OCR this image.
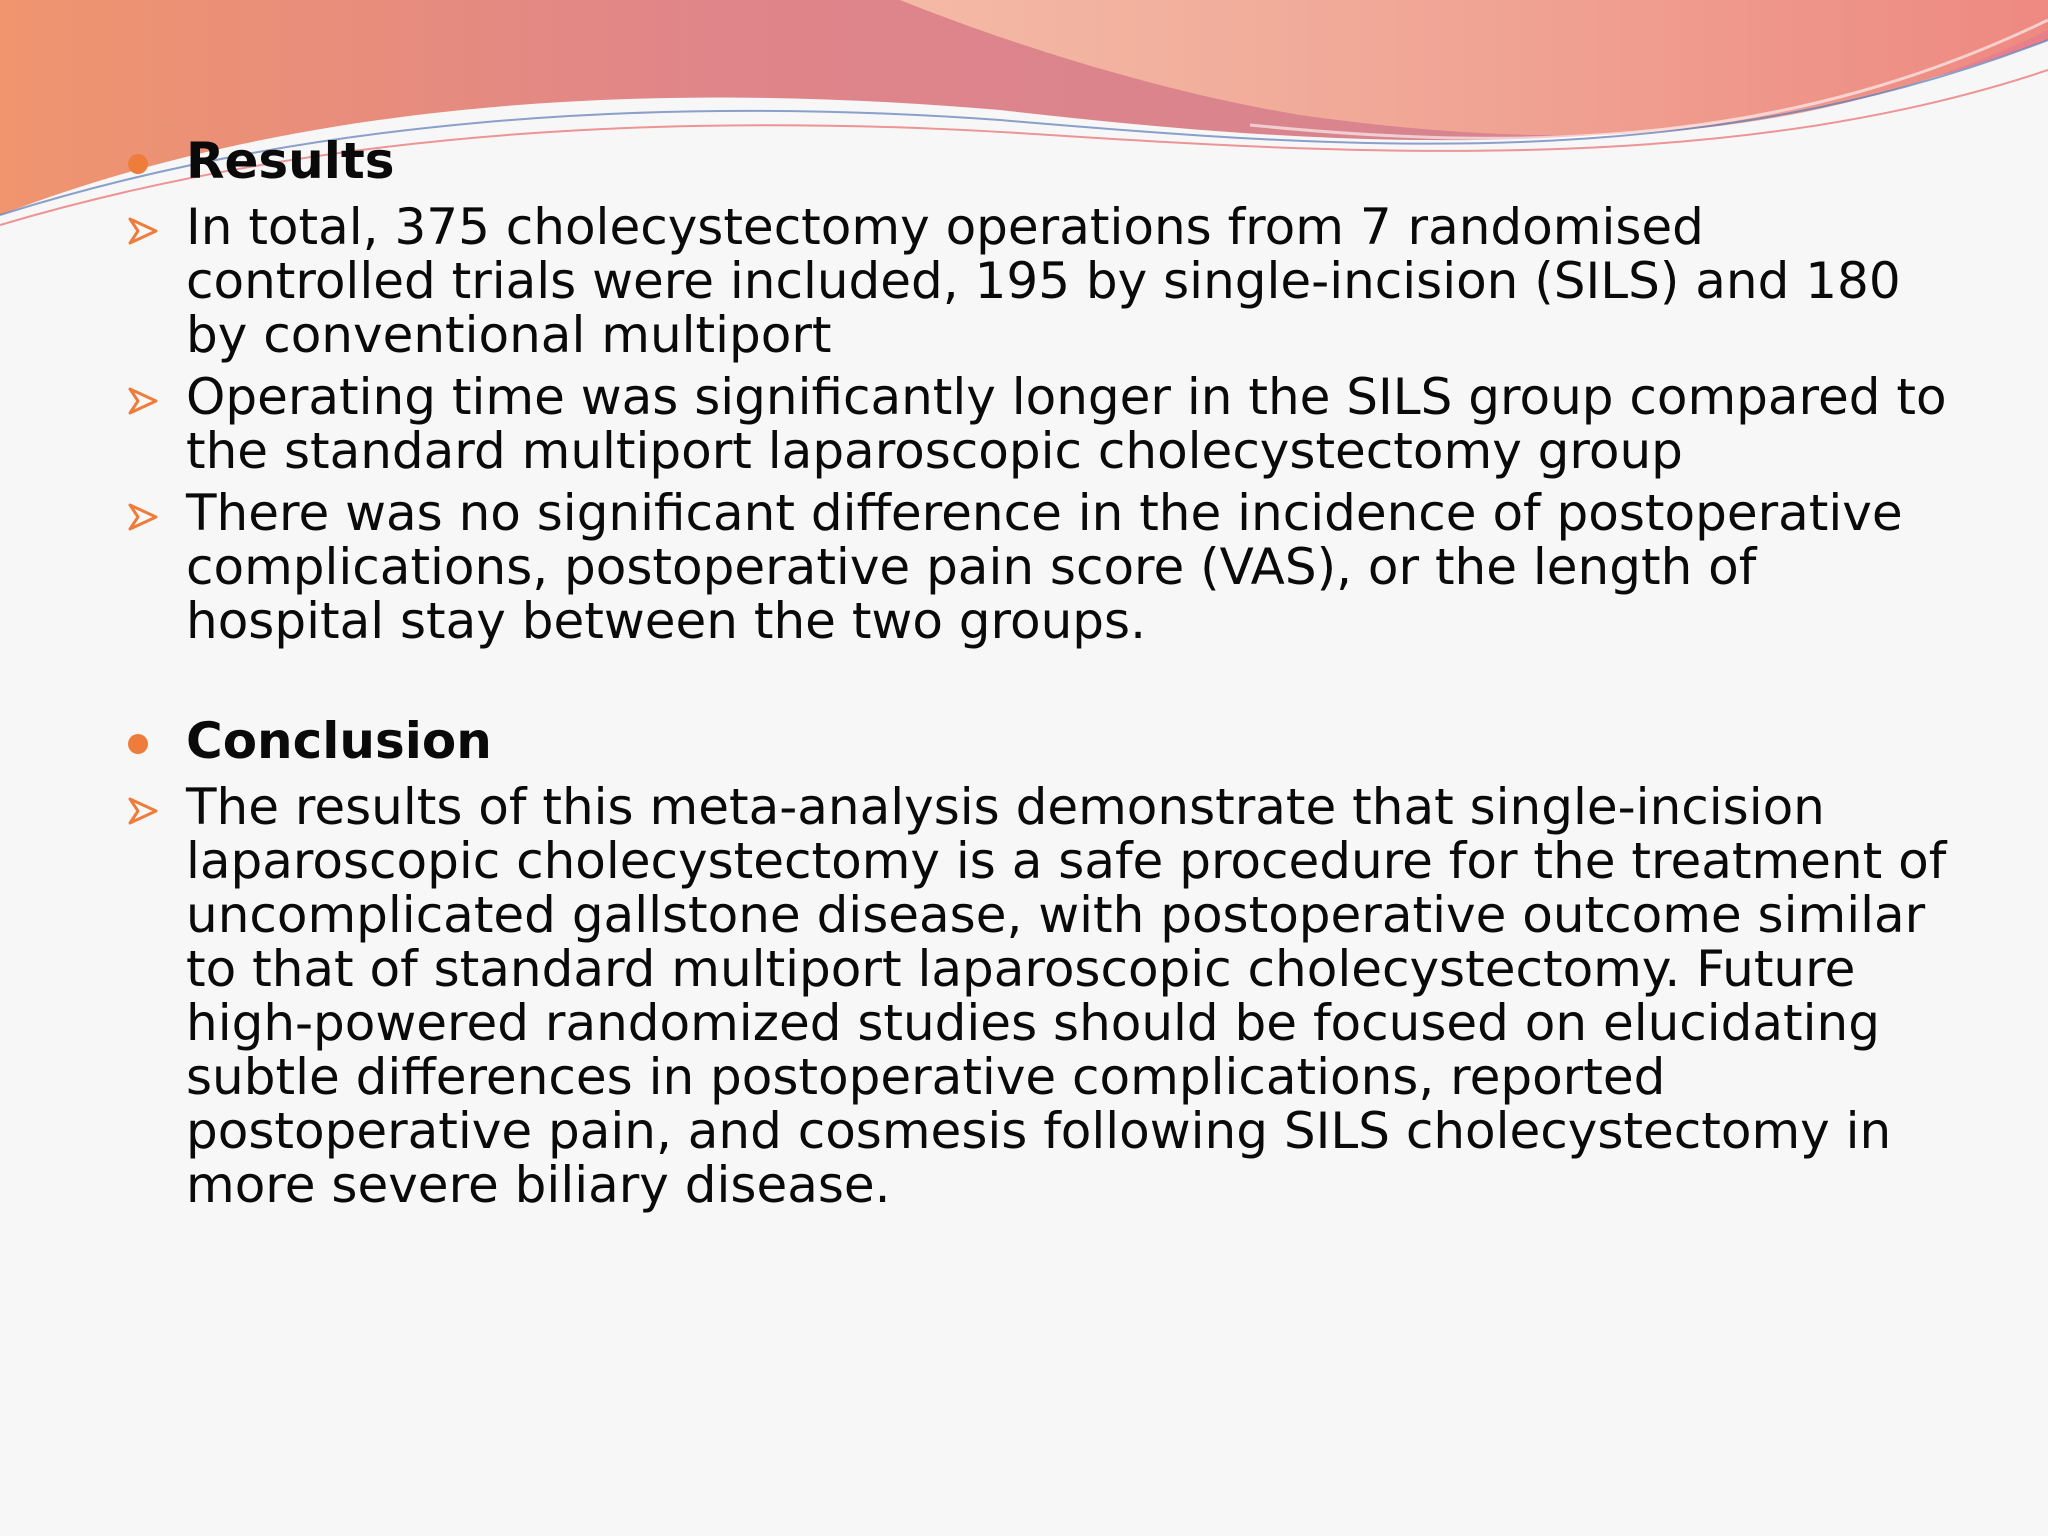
Results
In total, 375 cholecystectomy operations from 7 randomised controlled trials were included, 195 by single-incision (SILS) and 180 by conventional multiport
Operating time was significantly longer in the SILS group compared to the standard multiport laparoscopic cholecystectomy group
There was no significant difference in the incidence of postoperative complications, postoperative pain score (VAS), or the length of hospital stay between the two groups.
Conclusion
The results of this meta-analysis demonstrate that single-incision laparoscopic cholecystectomy is a safe procedure for the treatment of uncomplicated gallstone disease, with postoperative outcome similar to that of standard multiport laparoscopic cholecystectomy. Future high-powered randomized studies should be focused on elucidating subtle differences in postoperative complications, reported postoperative pain, and cosmesis following SILS cholecystectomy in more severe biliary disease.
